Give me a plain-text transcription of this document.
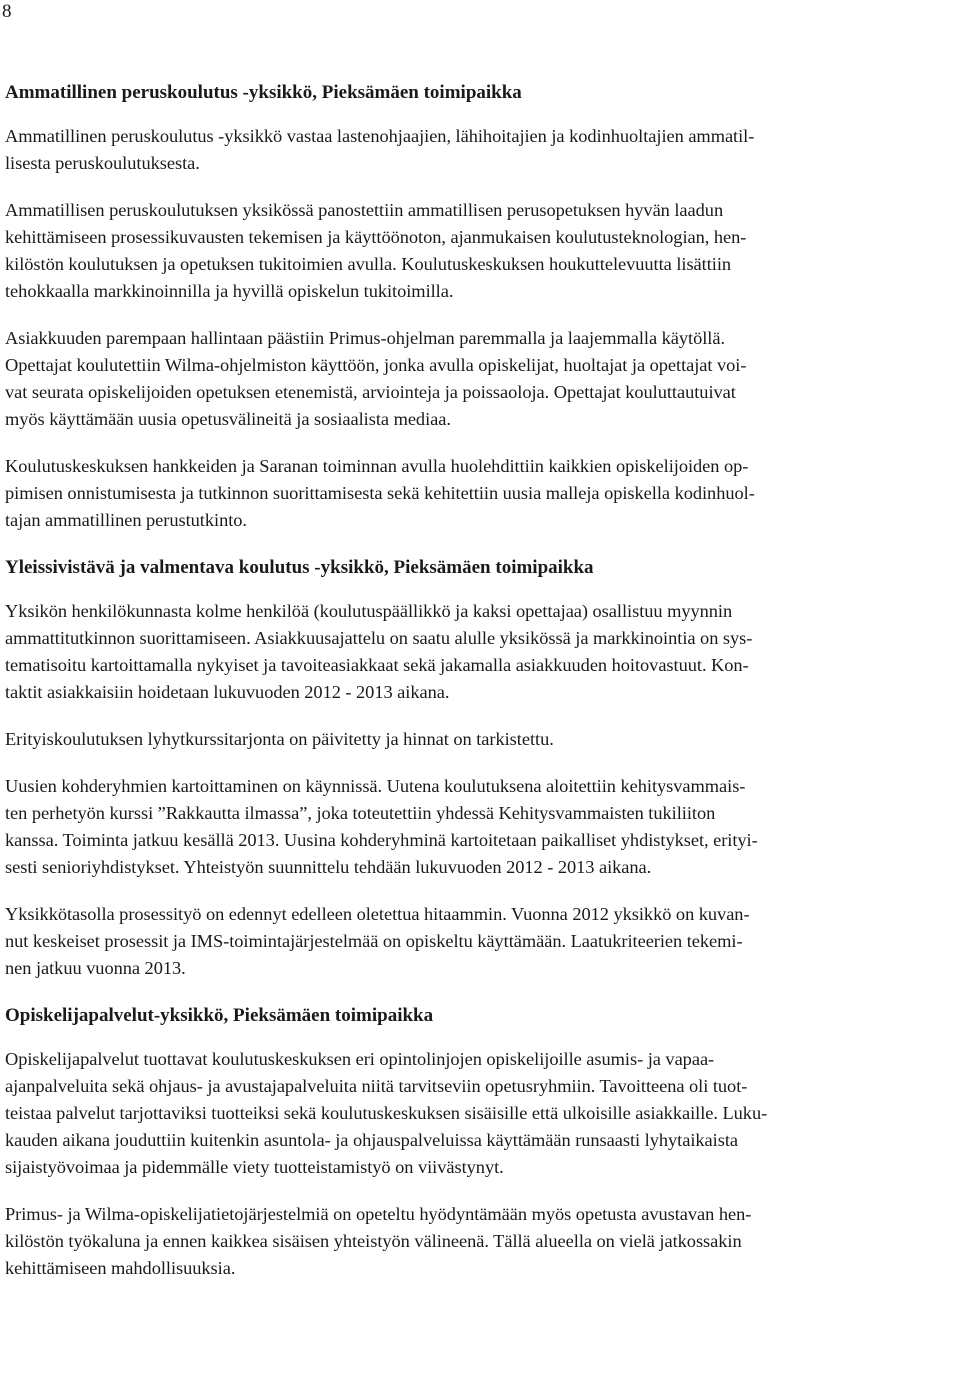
8
Ammatillinen peruskoulutus -yksikkö, Pieksämäen toimipaikka

Ammatillinen peruskoulutus -yksikkö vastaa lastenohjaajien, lähihoitajien ja kodinhuoltajien ammatil-
lisesta peruskoulutuksesta.

Ammatillisen peruskoulutuksen yksikössä panostettiin ammatillisen perusopetuksen hyvän laadun
kehittämiseen prosessikuvausten tekemisen ja käyttöönoton, ajanmukaisen koulutusteknologian, hen-
kilöstön koulutuksen ja opetuksen tukitoimien avulla. Koulutuskeskuksen houkuttelevuutta lisättiin
tehokkaalla markkinoinnilla ja hyvillä opiskelun tukitoimilla.

Asiakkuuden parempaan hallintaan päästiin Primus-ohjelman paremmalla ja laajemmalla käytöllä.
Opettajat koulutettiin Wilma-ohjelmiston käyttöön, jonka avulla opiskelijat, huoltajat ja opettajat voi-
vat seurata opiskelijoiden opetuksen etenemistä, arviointeja ja poissaoloja. Opettajat kouluttautuivat
myös käyttämään uusia opetusvälineitä ja sosiaalista mediaa.

Koulutuskeskuksen hankkeiden ja Saranan toiminnan avulla huolehdittiin kaikkien opiskelijoiden op-
pimisen onnistumisesta ja tutkinnon suorittamisesta sekä kehitettiin uusia malleja opiskella kodinhuol-
tajan ammatillinen perustutkinto.

Yleissivistävä ja valmentava koulutus -yksikkö, Pieksämäen toimipaikka

Yksikön henkilökunnasta kolme henkilöä (koulutuspäällikkö ja kaksi opettajaa) osallistuu myynnin
ammattitutkinnon suorittamiseen. Asiakkuusajattelu on saatu alulle yksikössä ja markkinointia on sys-
tematisoitu kartoittamalla nykyiset ja tavoiteasiakkaat sekä jakamalla asiakkuuden hoitovastuut. Kon-
taktit asiakkaisiin hoidetaan lukuvuoden 2012 - 2013 aikana.

Erityiskoulutuksen lyhytkurssitarjonta on päivitetty ja hinnat on tarkistettu.

Uusien kohderyhmien kartoittaminen on käynnissä. Uutena koulutuksena aloitettiin kehitysvammais-
ten perhetyön kurssi ”Rakkautta ilmassa”, joka toteutettiin yhdessä Kehitysvammaisten tukiliiton
kanssa. Toiminta jatkuu kesällä 2013. Uusina kohderyhminä kartoitetaan paikalliset yhdistykset, erityi-
sesti senioriyhdistykset. Yhteistyön suunnittelu tehdään lukuvuoden 2012 - 2013 aikana.

Yksikkötasolla prosessityö on edennyt edelleen oletettua hitaammin. Vuonna 2012 yksikkö on kuvan-
nut keskeiset prosessit ja IMS-toimintajärjestelmää on opiskeltu käyttämään. Laatukriteerien tekemi-
nen jatkuu vuonna 2013.

Opiskelijapalvelut-yksikkö, Pieksämäen toimipaikka

Opiskelijapalvelut tuottavat koulutuskeskuksen eri opintolinjojen opiskelijoille asumis- ja vapaa-
ajanpalveluita sekä ohjaus- ja avustajapalveluita niitä tarvitseviin opetusryhmiin. Tavoitteena oli tuot-
teistaa palvelut tarjottaviksi tuotteiksi sekä koulutuskeskuksen sisäisille että ulkoisille asiakkaille. Luku-
kauden aikana jouduttiin kuitenkin asuntola- ja ohjauspalveluissa käyttämään runsaasti lyhytaikaista
sijaistyövoimaa ja pidemmälle viety tuotteistamistyö on viivästynyt.

Primus- ja Wilma-opiskelijatietojärjestelmiä on opeteltu hyödyntämään myös opetusta avustavan hen-
kilöstön työkaluna ja ennen kaikkea sisäisen yhteistyön välineenä. Tällä alueella on vielä jatkossakin
kehittämiseen mahdollisuuksia.
